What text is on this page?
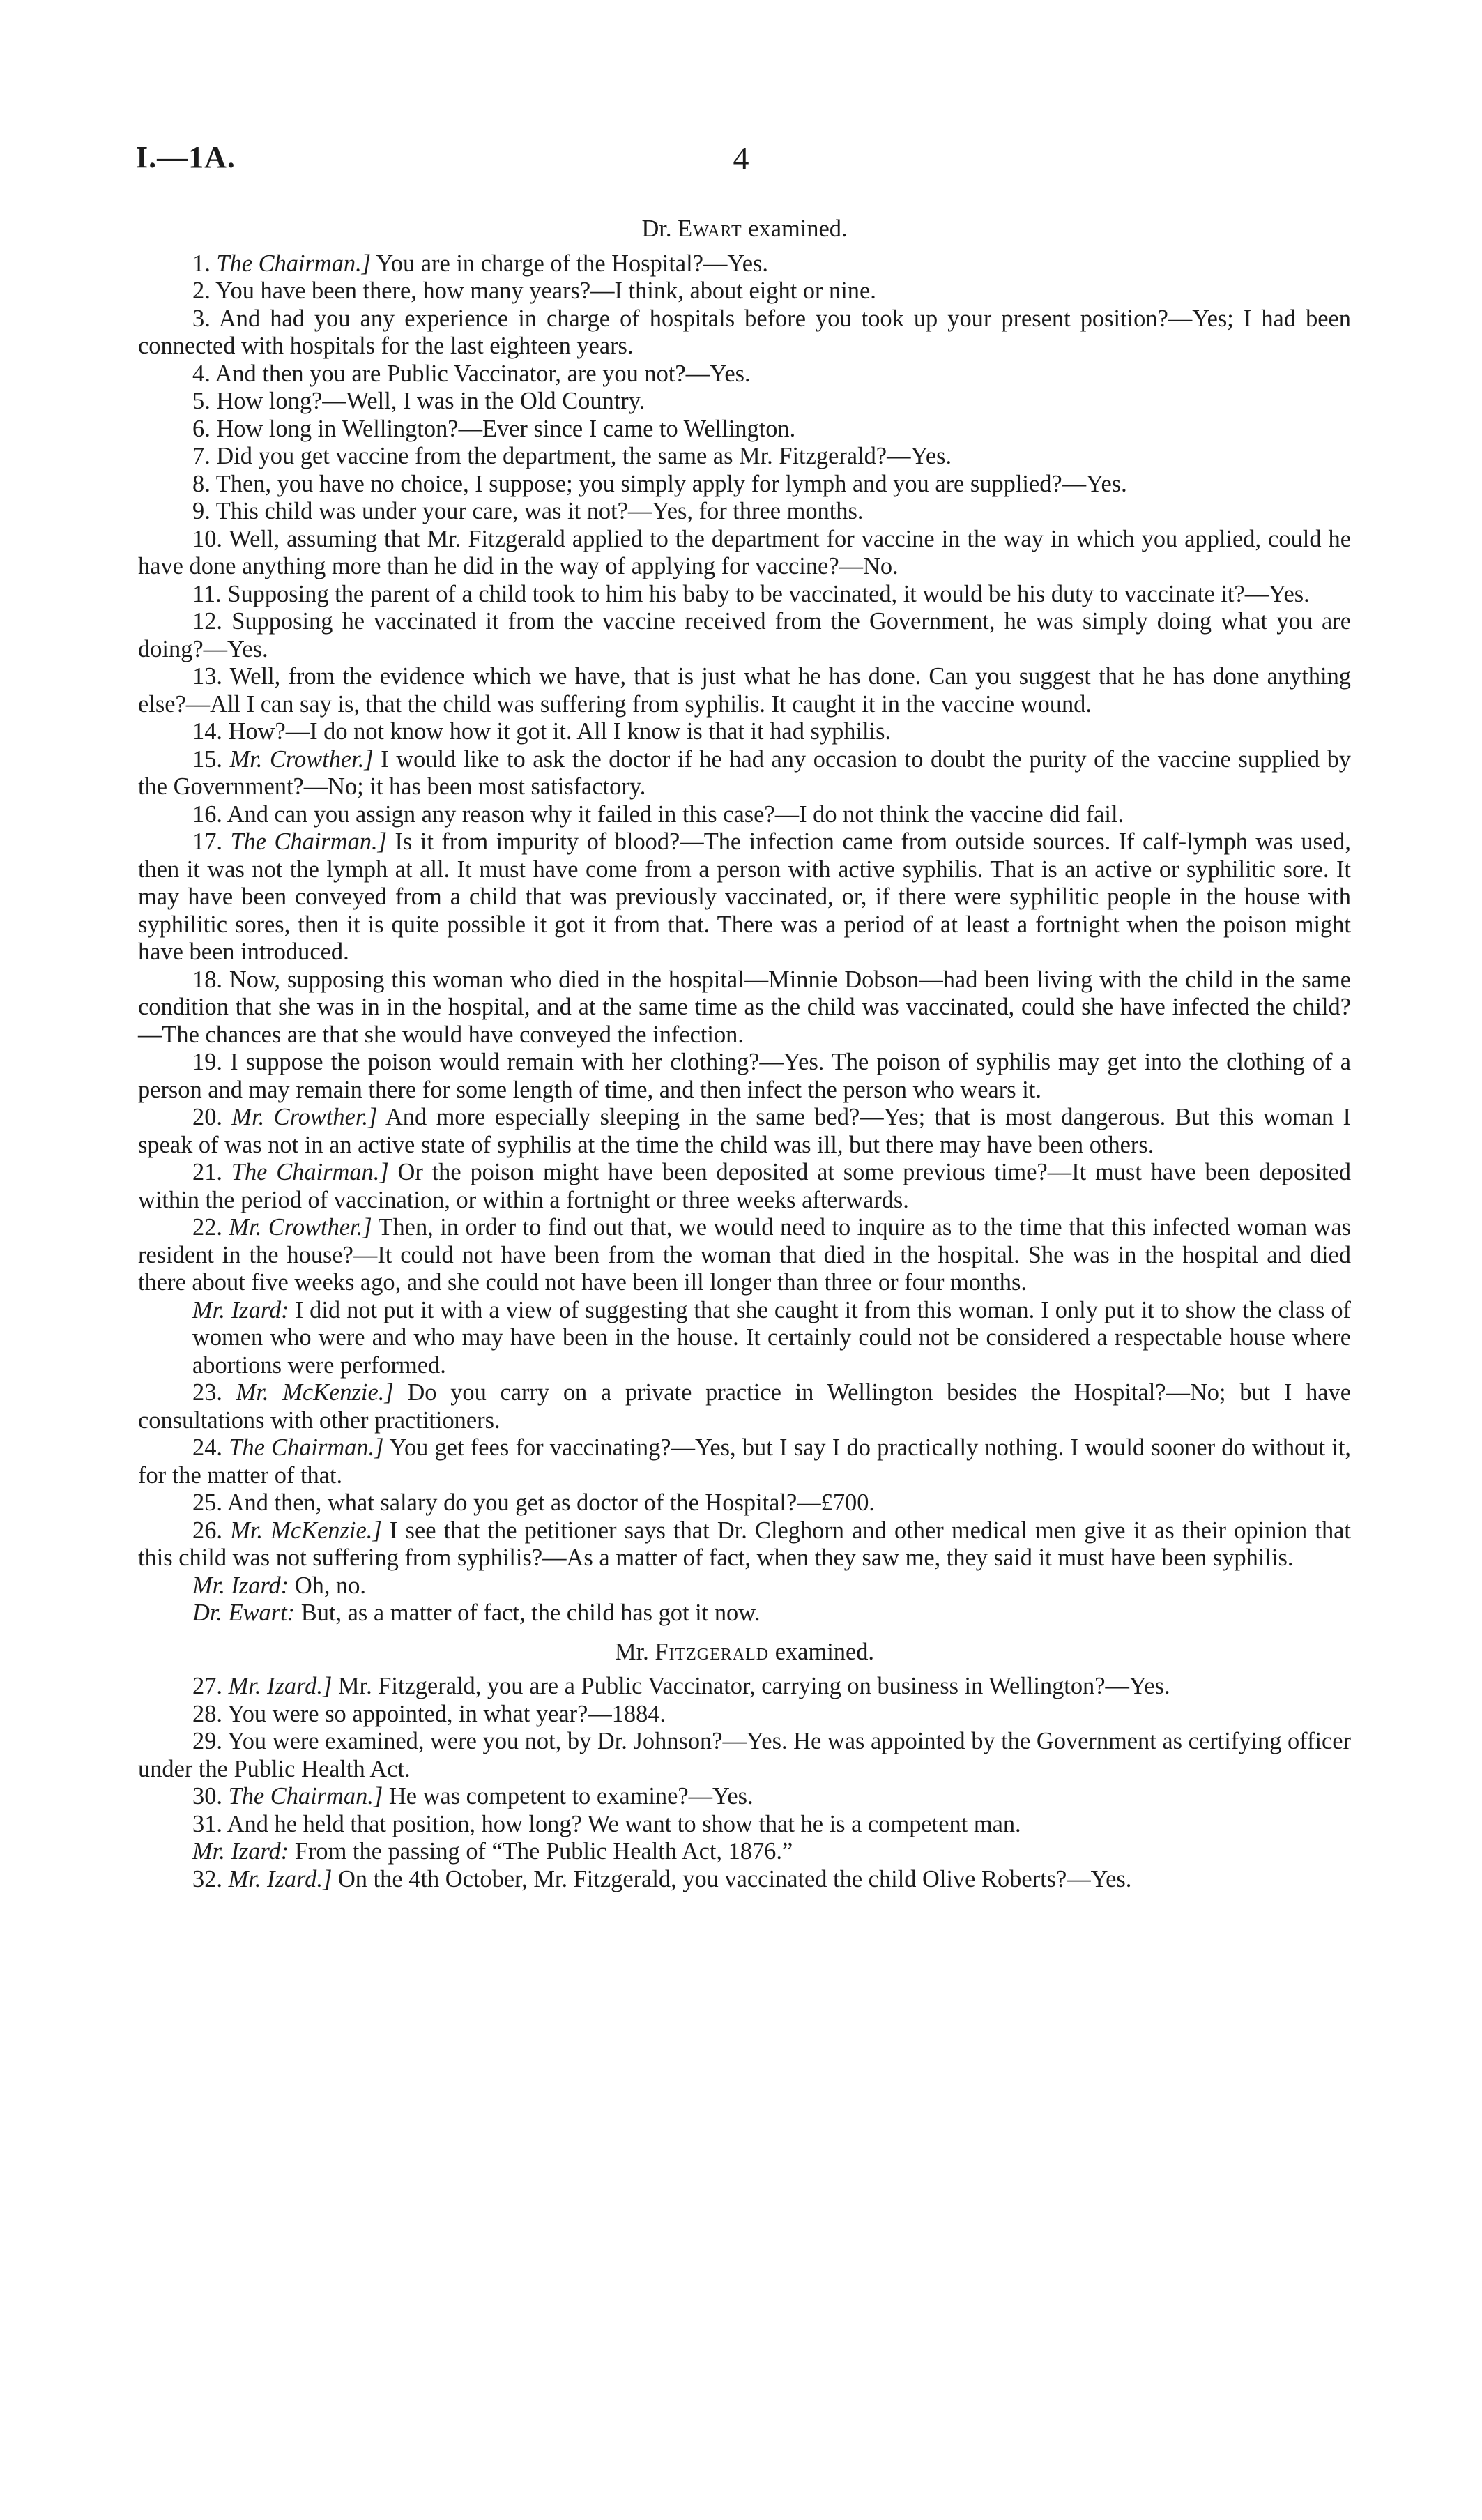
I.—1A.	4

Dr. Ewart examined.

1. The Chairman.] You are in charge of the Hospital?—Yes.

2. You have been there, how many years?—I think, about eight or nine.

3. And had you any experience in charge of hospitals before you took up your present position?—Yes; I had been connected with hospitals for the last eighteen years.

4. And then you are Public Vaccinator, are you not?—Yes.

5. How long?—Well, I was in the Old Country.

6. How long in Wellington?—Ever since I came to Wellington.

7. Did you get vaccine from the department, the same as Mr. Fitzgerald?—Yes.

8. Then, you have no choice, I suppose; you simply apply for lymph and you are supplied?—Yes.

9. This child was under your care, was it not?—Yes, for three months.

10. Well, assuming that Mr. Fitzgerald applied to the department for vaccine in the way in which you applied, could he have done anything more than he did in the way of applying for vaccine?—No.

11. Supposing the parent of a child took to him his baby to be vaccinated, it would be his duty to vaccinate it?—Yes.

12. Supposing he vaccinated it from the vaccine received from the Government, he was simply doing what you are doing?—Yes.

13. Well, from the evidence which we have, that is just what he has done. Can you suggest that he has done anything else?—All I can say is, that the child was suffering from syphilis. It caught it in the vaccine wound.

14. How?—I do not know how it got it. All I know is that it had syphilis.

15. Mr. Crowther.] I would like to ask the doctor if he had any occasion to doubt the purity of the vaccine supplied by the Government?—No; it has been most satisfactory.

16. And can you assign any reason why it failed in this case?—I do not think the vaccine did fail.

17. The Chairman.] Is it from impurity of blood?—The infection came from outside sources. If calf-lymph was used, then it was not the lymph at all. It must have come from a person with active syphilis. That is an active or syphilitic sore. It may have been conveyed from a child that was previously vaccinated, or, if there were syphilitic people in the house with syphilitic sores, then it is quite possible it got it from that. There was a period of at least a fortnight when the poison might have been introduced.

18. Now, supposing this woman who died in the hospital—Minnie Dobson—had been living with the child in the same condition that she was in in the hospital, and at the same time as the child was vaccinated, could she have infected the child?—The chances are that she would have conveyed the infection.

19. I suppose the poison would remain with her clothing?—Yes. The poison of syphilis may get into the clothing of a person and may remain there for some length of time, and then infect the person who wears it.

20. Mr. Crowther.] And more especially sleeping in the same bed?—Yes; that is most dangerous. But this woman I speak of was not in an active state of syphilis at the time the child was ill, but there may have been others.

21. The Chairman.] Or the poison might have been deposited at some previous time?—It must have been deposited within the period of vaccination, or within a fortnight or three weeks afterwards.

22. Mr. Crowther.] Then, in order to find out that, we would need to inquire as to the time that this infected woman was resident in the house?—It could not have been from the woman that died in the hospital. She was in the hospital and died there about five weeks ago, and she could not have been ill longer than three or four months.

Mr. Izard: I did not put it with a view of suggesting that she caught it from this woman. I only put it to show the class of women who were and who may have been in the house. It certainly could not be considered a respectable house where abortions were performed.

23. Mr. McKenzie.] Do you carry on a private practice in Wellington besides the Hospital?—No; but I have consultations with other practitioners.

24. The Chairman.] You get fees for vaccinating?—Yes, but I say I do practically nothing. I would sooner do without it, for the matter of that.

25. And then, what salary do you get as doctor of the Hospital?—£700.

26. Mr. McKenzie.] I see that the petitioner says that Dr. Cleghorn and other medical men give it as their opinion that this child was not suffering from syphilis?—As a matter of fact, when they saw me, they said it must have been syphilis.

Mr. Izard: Oh, no.

Dr. Ewart: But, as a matter of fact, the child has got it now.

Mr. Fitzgerald examined.

27. Mr. Izard.] Mr. Fitzgerald, you are a Public Vaccinator, carrying on business in Wellington?—Yes.

28. You were so appointed, in what year?—1884.

29. You were examined, were you not, by Dr. Johnson?—Yes. He was appointed by the Government as certifying officer under the Public Health Act.

30. The Chairman.] He was competent to examine?—Yes.

31. And he held that position, how long? We want to show that he is a competent man.

Mr. Izard: From the passing of “The Public Health Act, 1876.”

32. Mr. Izard.] On the 4th October, Mr. Fitzgerald, you vaccinated the child Olive Roberts?—Yes.
